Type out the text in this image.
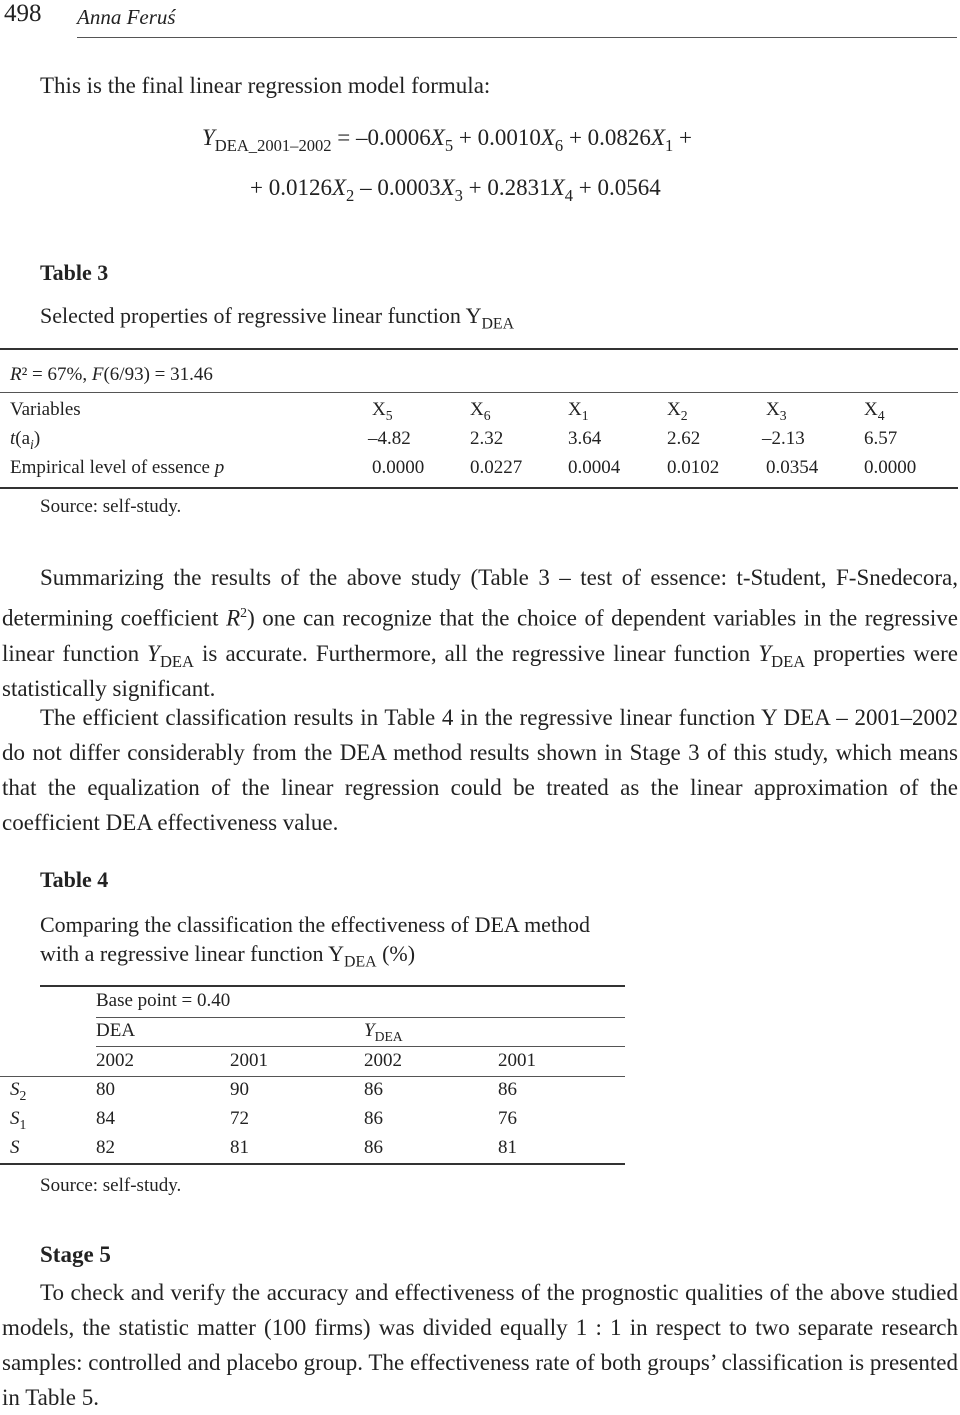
498 Anna Feruś
This is the final linear regression model formula:
$Y_{DEA\_2001-2002} = -0.0006X_5 + 0.0010X_6 + 0.0826X_1$ +
+ $0.0126X_2 - 0.0003X_3 + 0.2831X_4 + 0.0564$
Table 3
Selected properties of regressive linear function $Y_{DEA}$
R² = 67%, F(6/93) = 31.46
Variables	$X_5$	$X_6$	$X_1$	$X_2$	$X_3$	$X_4$
$t(a_i)$	–4.82	2.32	3.64	2.62	–2.13	6.57
Empirical level of essence p	0.0000 0.0227 0.0004 0.0102 0.0354 0.0000
Source: self-study.
Summarizing the results of the above study (Table 3 – test of essence: t-Student, F-Snedecora, determining coefficient $R^2$) one can recognize that the choice of dependent variables in the regressive linear function $Y_{DEA}$ is accurate. Furthermore, all the regressive linear function $Y_{DEA}$ properties were statistically significant.
The efficient classification results in Table 4 in the regressive linear function Y DEA – 2001–2002 do not differ considerably from the DEA method results shown in Stage 3 of this study, which means that the equalization of the linear regression could be treated as the linear approximation of the coefficient DEA effectiveness value.
Table 4
Comparing the classification the effectiveness of DEA method
with a regressive linear function $Y_{DEA}$ (%)
Base point = 0.40
DEA	$Y_{DEA}$
2002	2001	2002	2001
$S_2$	80	90	86	86
$S_1$	84	72	86	76
S	82	81	86	81
Source: self-study.
Stage 5
To check and verify the accuracy and effectiveness of the prognostic qualities of the above studied models, the statistic matter (100 firms) was divided equally 1 : 1 in respect to two separate research samples: controlled and placebo group. The effectiveness rate of both groups’ classification is presented in Table 5.
